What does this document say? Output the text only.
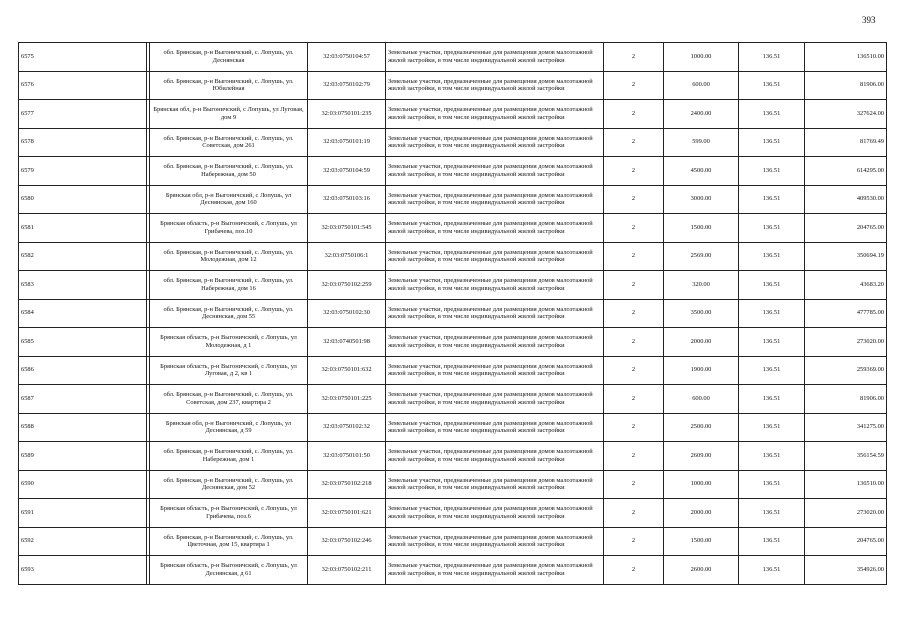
393
6575		обл. Брянская, р-н Выгоничский, с. Лопушь, ул. Деснянская	32:03:0750104:57	Земельные участки, предназначенные для размещения домов малоэтажной жилой застройки, в том числе индивидуальной жилой застройки	2	1000.00	136.51	136510.00
6576		обл. Брянская, р-н Выгоничский, с. Лопушь, ул. Юбилейная	32:03:0750102:79	Земельные участки, предназначенные для размещения домов малоэтажной жилой застройки, в том числе индивидуальной жилой застройки	2	600.00	136.51	81906.00
6577		Брянская обл, р-н Выгоничский, с Лопушь, ул Луговая, дом 9	32:03:0750101:235	Земельные участки, предназначенные для размещения домов малоэтажной жилой застройки, в том числе индивидуальной жилой застройки	2	2400.00	136.51	327624.00
6578		обл. Брянская, р-н Выгоничский, с. Лопушь, ул. Советская, дом 261	32:03:0750101:19	Земельные участки, предназначенные для размещения домов малоэтажной жилой застройки, в том числе индивидуальной жилой застройки	2	599.00	136.51	81769.49
6579		обл. Брянская, р-н Выгоничский, с. Лопушь, ул. Набережная, дом 50	32:03:0750104:59	Земельные участки, предназначенные для размещения домов малоэтажной жилой застройки, в том числе индивидуальной жилой застройки	2	4500.00	136.51	614295.00
6580		Брянская обл, р-н Выгоничский, с Лопушь, ул Деснянская, дом 160	32:03:0750103:16	Земельные участки, предназначенные для размещения домов малоэтажной жилой застройки, в том числе индивидуальной жилой застройки	2	3000.00	136.51	409530.00
6581		Брянская область, р-н Выгоничский, с Лопушь, ул Грибачева, поз.10	32:03:0750101:545	Земельные участки, предназначенные для размещения домов малоэтажной жилой застройки, в том числе индивидуальной жилой застройки	2	1500.00	136.51	204765.00
6582		обл. Брянская, р-н Выгоничский, с. Лопушь, ул. Молодежная, дом 12	32:03:0750106:1	Земельные участки, предназначенные для размещения домов малоэтажной жилой застройки, в том числе индивидуальной жилой застройки	2	2569.00	136.51	350694.19
6583		обл. Брянская, р-н Выгоничский, с. Лопушь, ул. Набережная, дом 16	32:03:0750102:259	Земельные участки, предназначенные для размещения домов малоэтажной жилой застройки, в том числе индивидуальной жилой застройки	2	320.00	136.51	43683.20
6584		обл. Брянская, р-н Выгоничский, с. Лопушь, ул. Деснянская, дом 55	32:03:0750102:30	Земельные участки, предназначенные для размещения домов малоэтажной жилой застройки, в том числе индивидуальной жилой застройки	2	3500.00	136.51	477785.00
6585		Брянская область, р-н Выгоничский, с Лопушь, ул Молодежная, д 1	32:03:0740501:98	Земельные участки, предназначенные для размещения домов малоэтажной жилой застройки, в том числе индивидуальной жилой застройки	2	2000.00	136.51	273020.00
6586		Брянская область, р-н Выгоничский, с Лопушь, ул Луговая, д 2, кв 1	32:03:0750101:632	Земельные участки, предназначенные для размещения домов малоэтажной жилой застройки, в том числе индивидуальной жилой застройки	2	1900.00	136.51	259369.00
6587		обл. Брянская, р-н Выгоничский, с. Лопушь, ул. Советская, дом 237, квартира 2	32:03:0750101:225	Земельные участки, предназначенные для размещения домов малоэтажной жилой застройки, в том числе индивидуальной жилой застройки	2	600.00	136.51	81906.00
6588		Брянская обл, р-н Выгоничский, с Лопушь, ул Деснянская, д 59	32:03:0750102:32	Земельные участки, предназначенные для размещения домов малоэтажной жилой застройки, в том числе индивидуальной жилой застройки	2	2500.00	136.51	341275.00
6589		обл. Брянская, р-н Выгоничский, с. Лопушь, ул. Набережная, дом 1	32:03:0750101:50	Земельные участки, предназначенные для размещения домов малоэтажной жилой застройки, в том числе индивидуальной жилой застройки	2	2609.00	136.51	356154.59
6590		обл. Брянская, р-н Выгоничский, с. Лопушь, ул. Деснянская, дом 52	32:03:0750102:218	Земельные участки, предназначенные для размещения домов малоэтажной жилой застройки, в том числе индивидуальной жилой застройки	2	1000.00	136.51	136510.00
6591		Брянская область, р-н Выгоничский, с Лопушь, ул Грибачева, поз.6	32:03:0750101:621	Земельные участки, предназначенные для размещения домов малоэтажной жилой застройки, в том числе индивидуальной жилой застройки	2	2000.00	136.51	273020.00
6592		обл. Брянская, р-н Выгоничский, с. Лопушь, ул. Цветочная, дом 15, квартира 1	32:03:0750102:246	Земельные участки, предназначенные для размещения домов малоэтажной жилой застройки, в том числе индивидуальной жилой застройки	2	1500.00	136.51	204765.00
6593		Брянская область, р-н Выгоничский, с Лопушь, ул Деснянская, д 61	32:03:0750102:211	Земельные участки, предназначенные для размещения домов малоэтажной жилой застройки, в том числе индивидуальной жилой застройки	2	2600.00	136.51	354926.00
